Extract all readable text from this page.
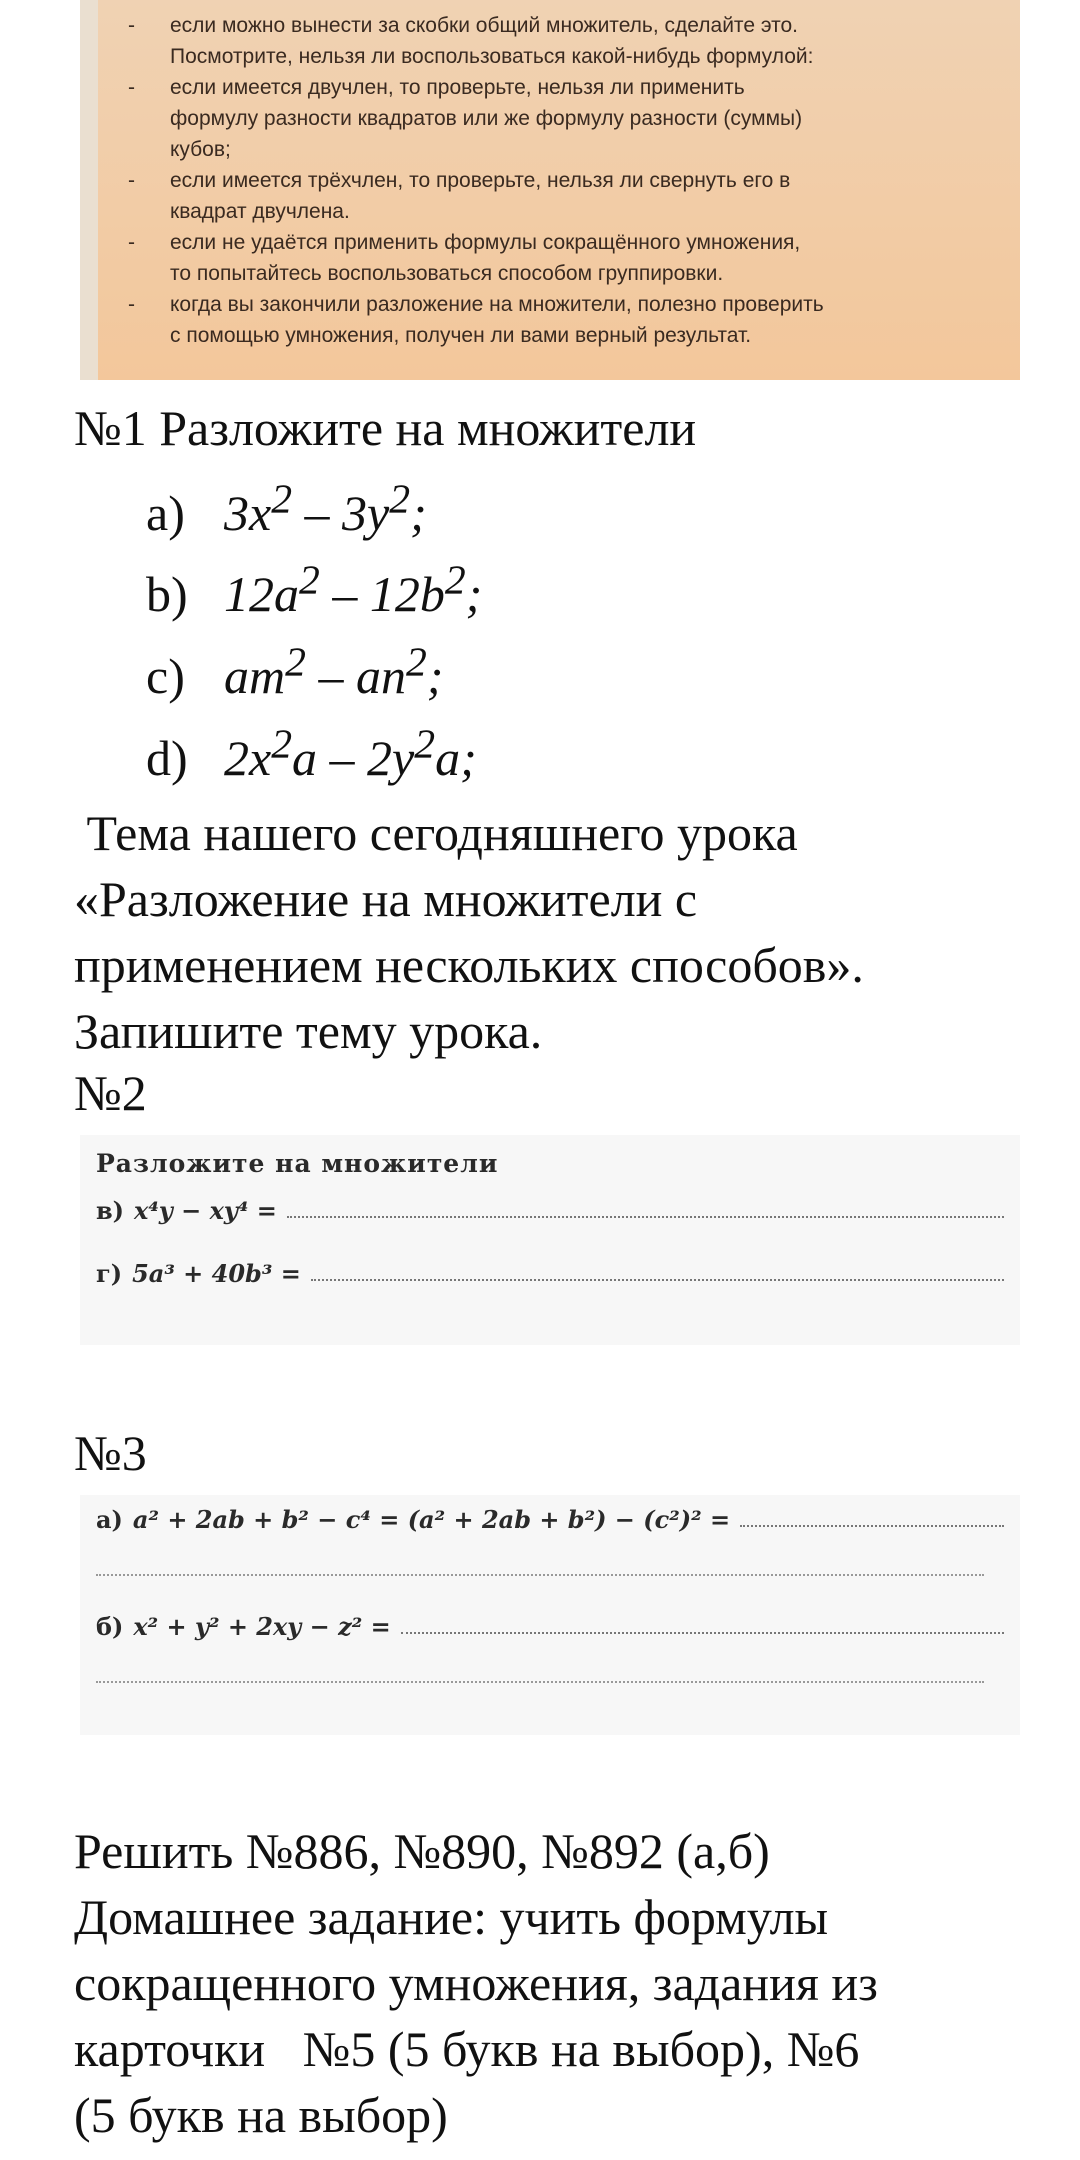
- если можно вынести за скобки общий множитель, сделайте это.
Посмотрите, нельзя ли воспользоваться какой-нибудь формулой:
- если имеется двучлен, то проверьте, нельзя ли применить
формулу разности квадратов или же формулу разности (суммы)
кубов;
- если имеется трёхчлен, то проверьте, нельзя ли свернуть его в
квадрат двучлена.
- если не удаётся применить формулы сокращённого умножения,
то попытайтесь воспользоваться способом группировки.
- когда вы закончили разложение на множители, полезно проверить
с помощью умножения, получен ли вами верный результат.
№1 Разложите на множители
a) $3x^2 - 3y^2$;
b) $12a^2 - 12b^2$;
c) $am^2 - an^2$;
d) $2x^2a - 2y^2a$;
Тема нашего сегодняшнего урока
«Разложение на множители с
применением нескольких способов».
Запишите тему урока.
№2
Разложите на множители
в) x⁴y − xy⁴ =
г) 5a³ + 40b³ =
№3
а) a² + 2ab + b² − c⁴ = (a² + 2ab + b²) − (c²)² =
б) x² + y² + 2xy − z² =
Решить №886, №890, №892 (а,б)
Домашнее задание: учить формулы
сокращенного умножения, задания из
карточки   №5 (5 букв на выбор), №6
(5 букв на выбор)
